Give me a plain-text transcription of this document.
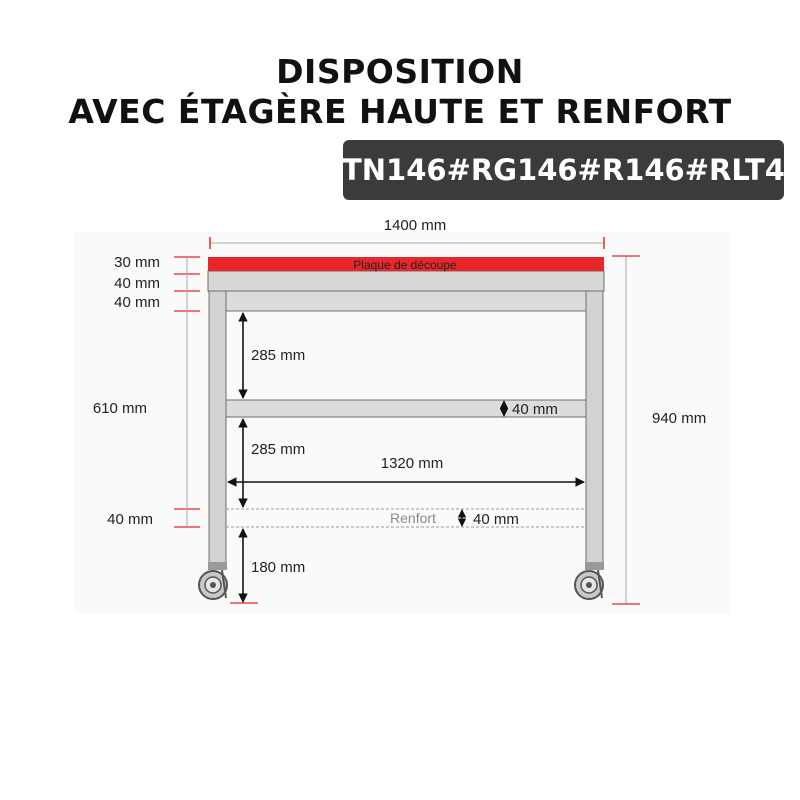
DISPOSITION
AVEC ÉTAGÈRE HAUTE ET RENFORT
TN146#RG146#R146#RLT4
1400 mm
Plaque de découpe
Renfort
30 mm
40 mm
40 mm
610 mm
40 mm
285 mm
285 mm
1320 mm
40 mm
40 mm
180 mm
940 mm
